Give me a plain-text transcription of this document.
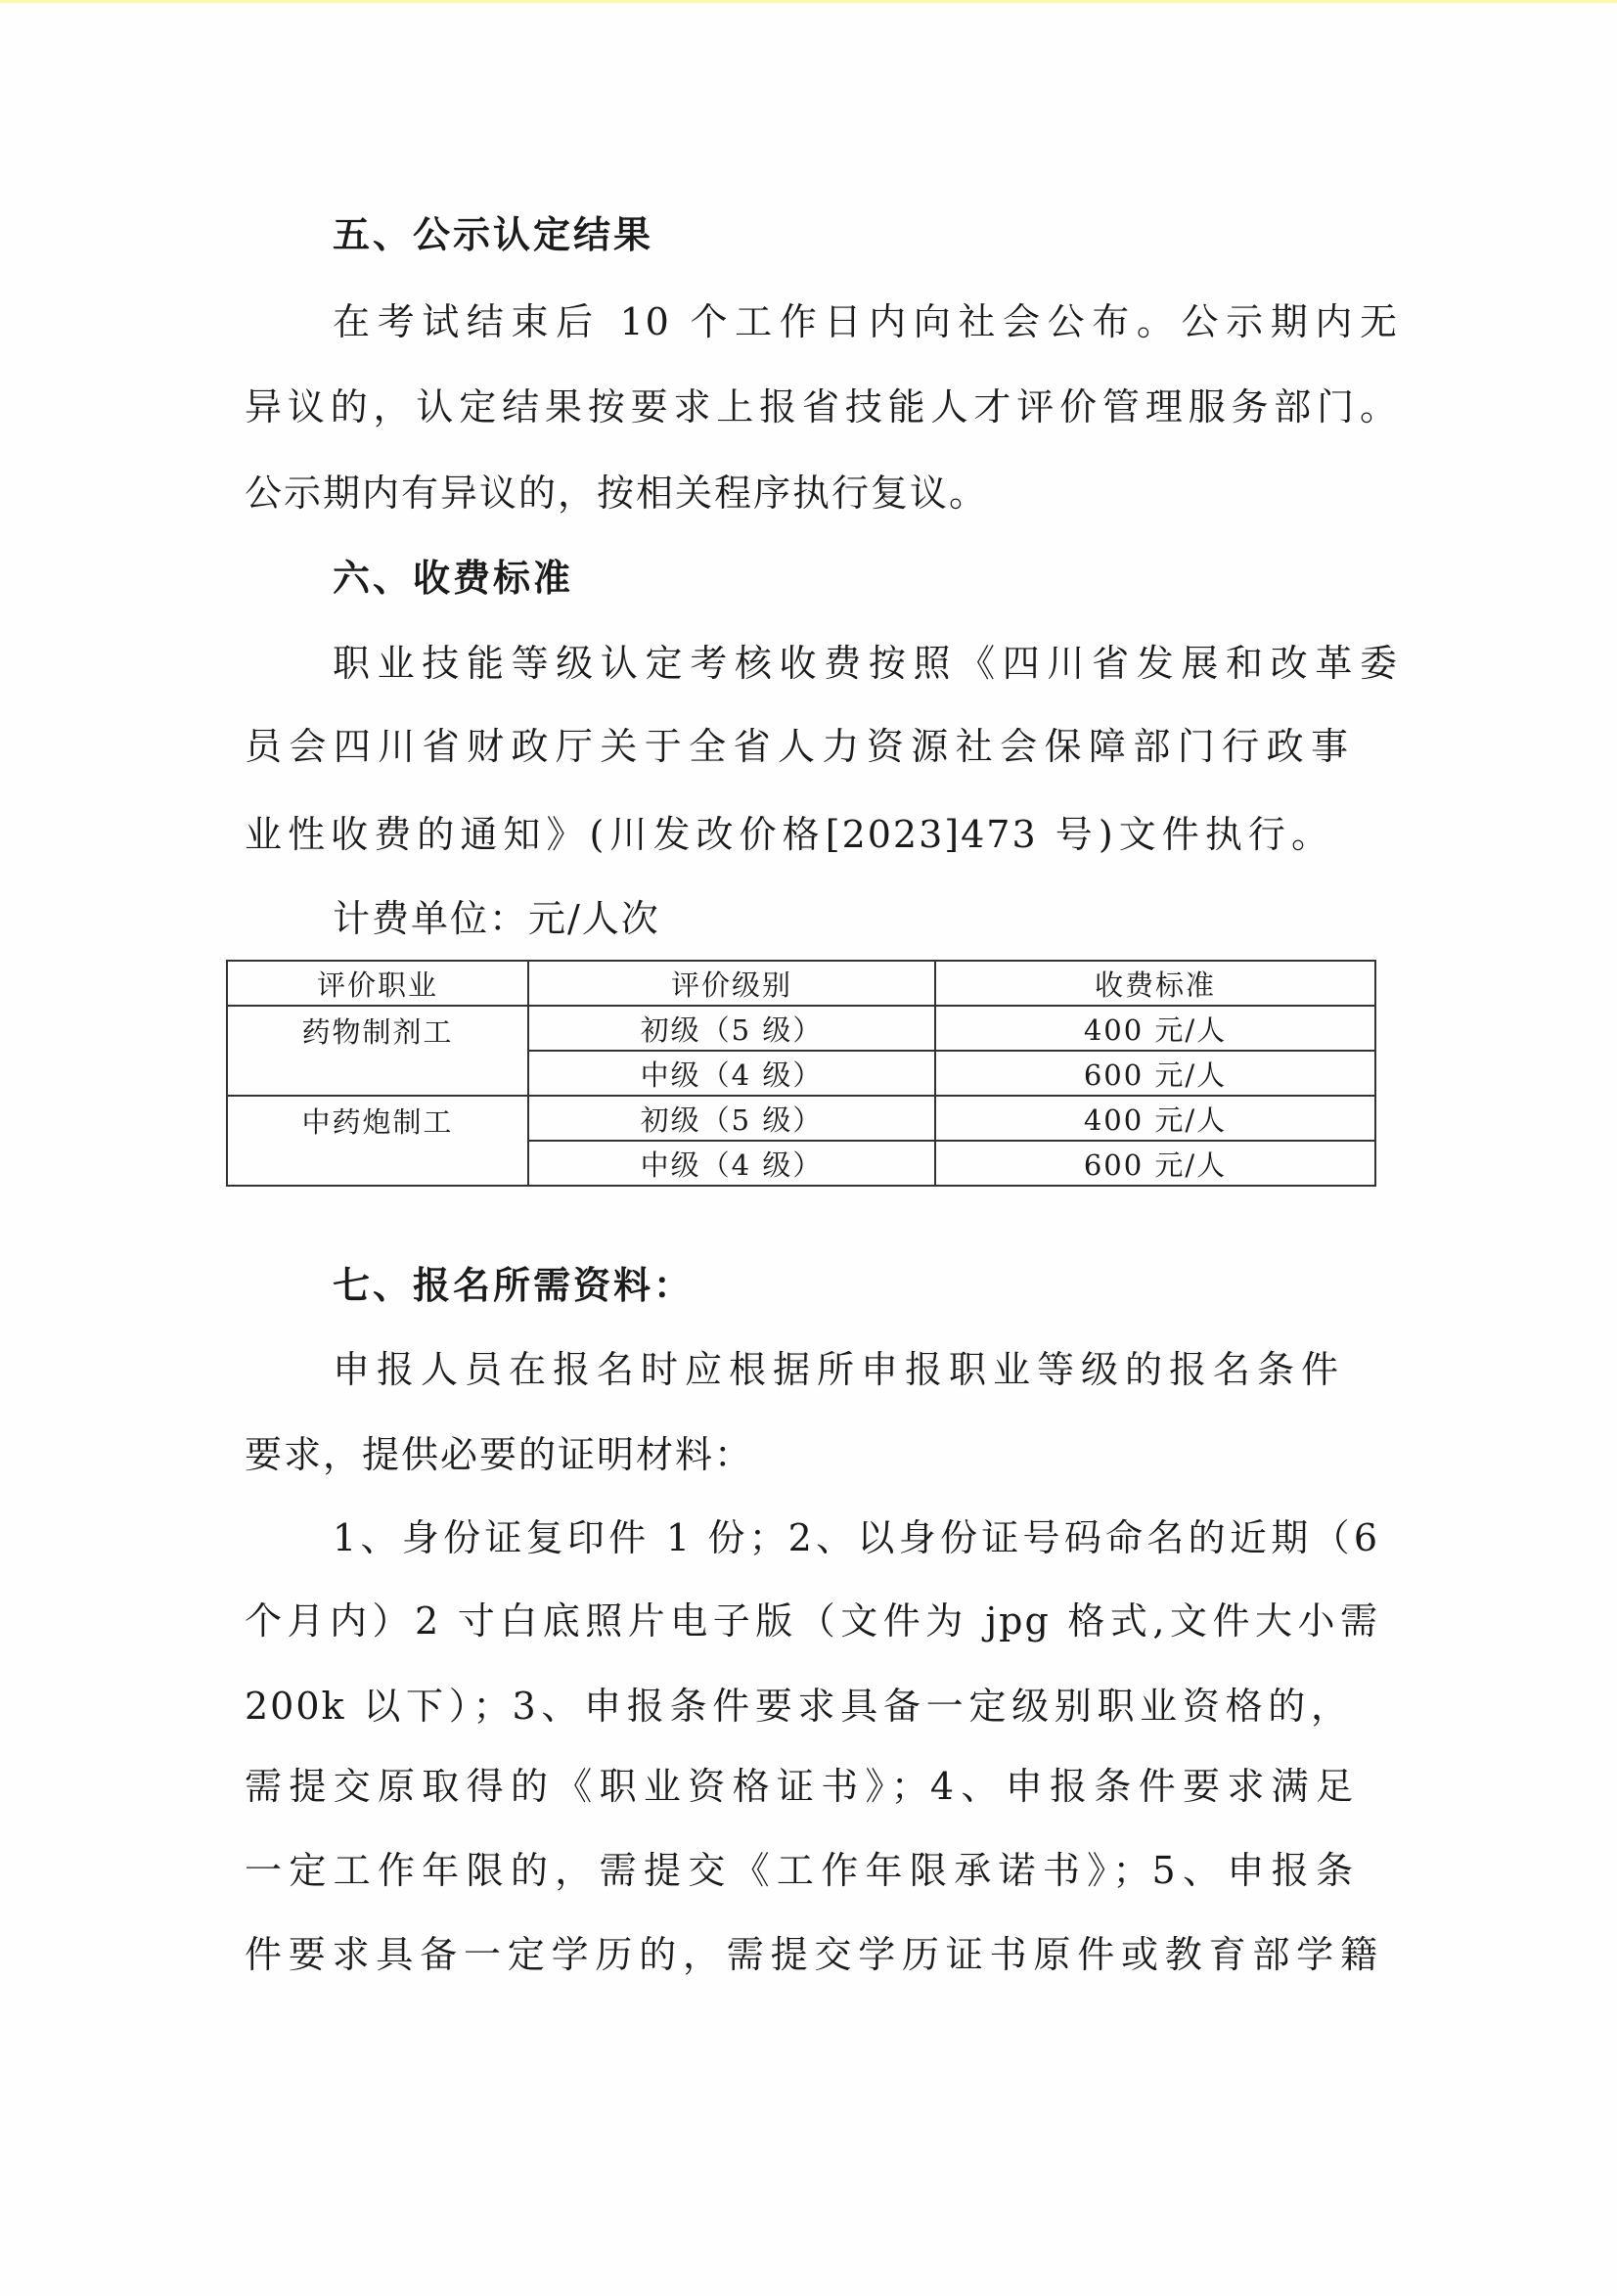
五、公示认定结果
在考试结束后 10 个工作日内向社会公布。公示期内无
异议的，认定结果按要求上报省技能人才评价管理服务部门。
公示期内有异议的，按相关程序执行复议。
六、收费标准
职业技能等级认定考核收费按照《四川省发展和改革委
员会四川省财政厅关于全省人力资源社会保障部门行政事
业性收费的通知》(川发改价格[2023]473 号)文件执行。
计费单位：元/人次
评价职业	评价级别	收费标准
药物制剂工	初级（5 级）	400 元/人
	中级（4 级）	600 元/人
中药炮制工	初级（5 级）	400 元/人
	中级（4 级）	600 元/人
七、报名所需资料：
申报人员在报名时应根据所申报职业等级的报名条件
要求，提供必要的证明材料：
1、身份证复印件 1 份；2、以身份证号码命名的近期（6
个月内）2 寸白底照片电子版（文件为 jpg 格式,文件大小需
200k 以下）；3、申报条件要求具备一定级别职业资格的，
需提交原取得的《职业资格证书》；4、申报条件要求满足
一定工作年限的，需提交《工作年限承诺书》；5、申报条
件要求具备一定学历的，需提交学历证书原件或教育部学籍
